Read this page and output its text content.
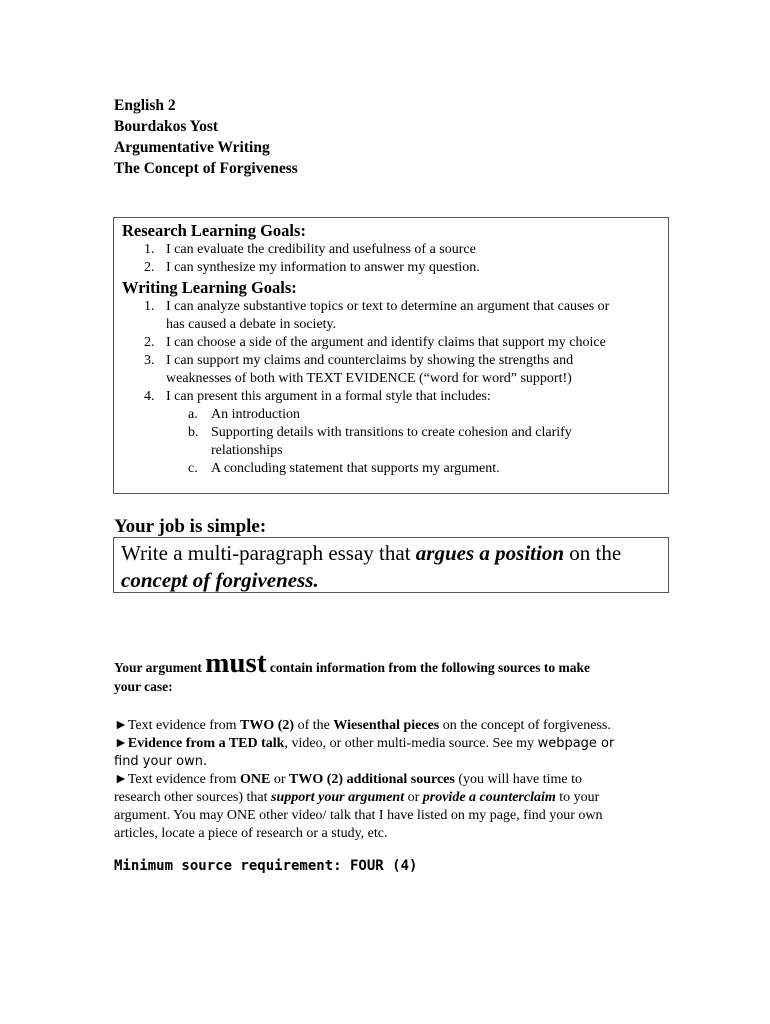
English 2
Bourdakos Yost
Argumentative Writing
The Concept of Forgiveness
Research Learning Goals:
1. I can evaluate the credibility and usefulness of a source
2. I can synthesize my information to answer my question.
Writing Learning Goals:
1. I can analyze substantive topics or text to determine an argument that causes or
has caused a debate in society.
2. I can choose a side of the argument and identify claims that support my choice
3. I can support my claims and counterclaims by showing the strengths and
weaknesses of both with TEXT EVIDENCE (“word for word” support!)
4. I can present this argument in a formal style that includes:
a. An introduction
b. Supporting details with transitions to create cohesion and clarify
relationships
c. A concluding statement that supports my argument.
Your job is simple:
Write a multi-paragraph essay that argues a position on the
concept of forgiveness.
Your argument must contain information from the following sources to make
your case:
►Text evidence from TWO (2) of the Wiesenthal pieces on the concept of forgiveness.
►Evidence from a TED talk, video, or other multi-media source. See my webpage or
find your own.
►Text evidence from ONE or TWO (2) additional sources (you will have time to
research other sources) that support your argument or provide a counterclaim to your
argument. You may ONE other video/ talk that I have listed on my page, find your own
articles, locate a piece of research or a study, etc.
Minimum source requirement: FOUR (4)
